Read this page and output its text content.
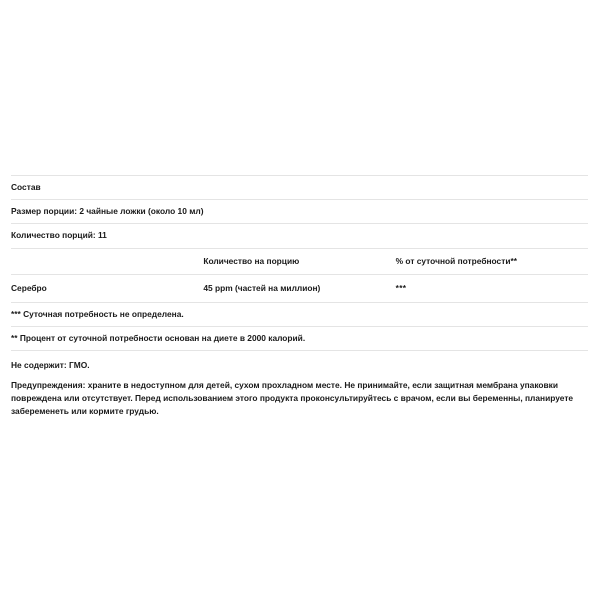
Состав		
Размер порции: 2 чайные ложки (около 10 мл)		
Количество порций: 11		
	Количество на порцию	% от суточной потребности**
Серебро	45 ppm (частей на миллион)	***
*** Суточная потребность не определена.		
** Процент от суточной потребности основан на диете в 2000 калорий.		
Не содержит: ГМО.
Предупреждения: храните в недоступном для детей, сухом прохладном месте. Не принимайте, если защитная мембрана упаковки повреждена или отсутствует. Перед использованием этого продукта проконсультируйтесь с врачом, если вы беременны, планируете забеременеть или кормите грудью.
